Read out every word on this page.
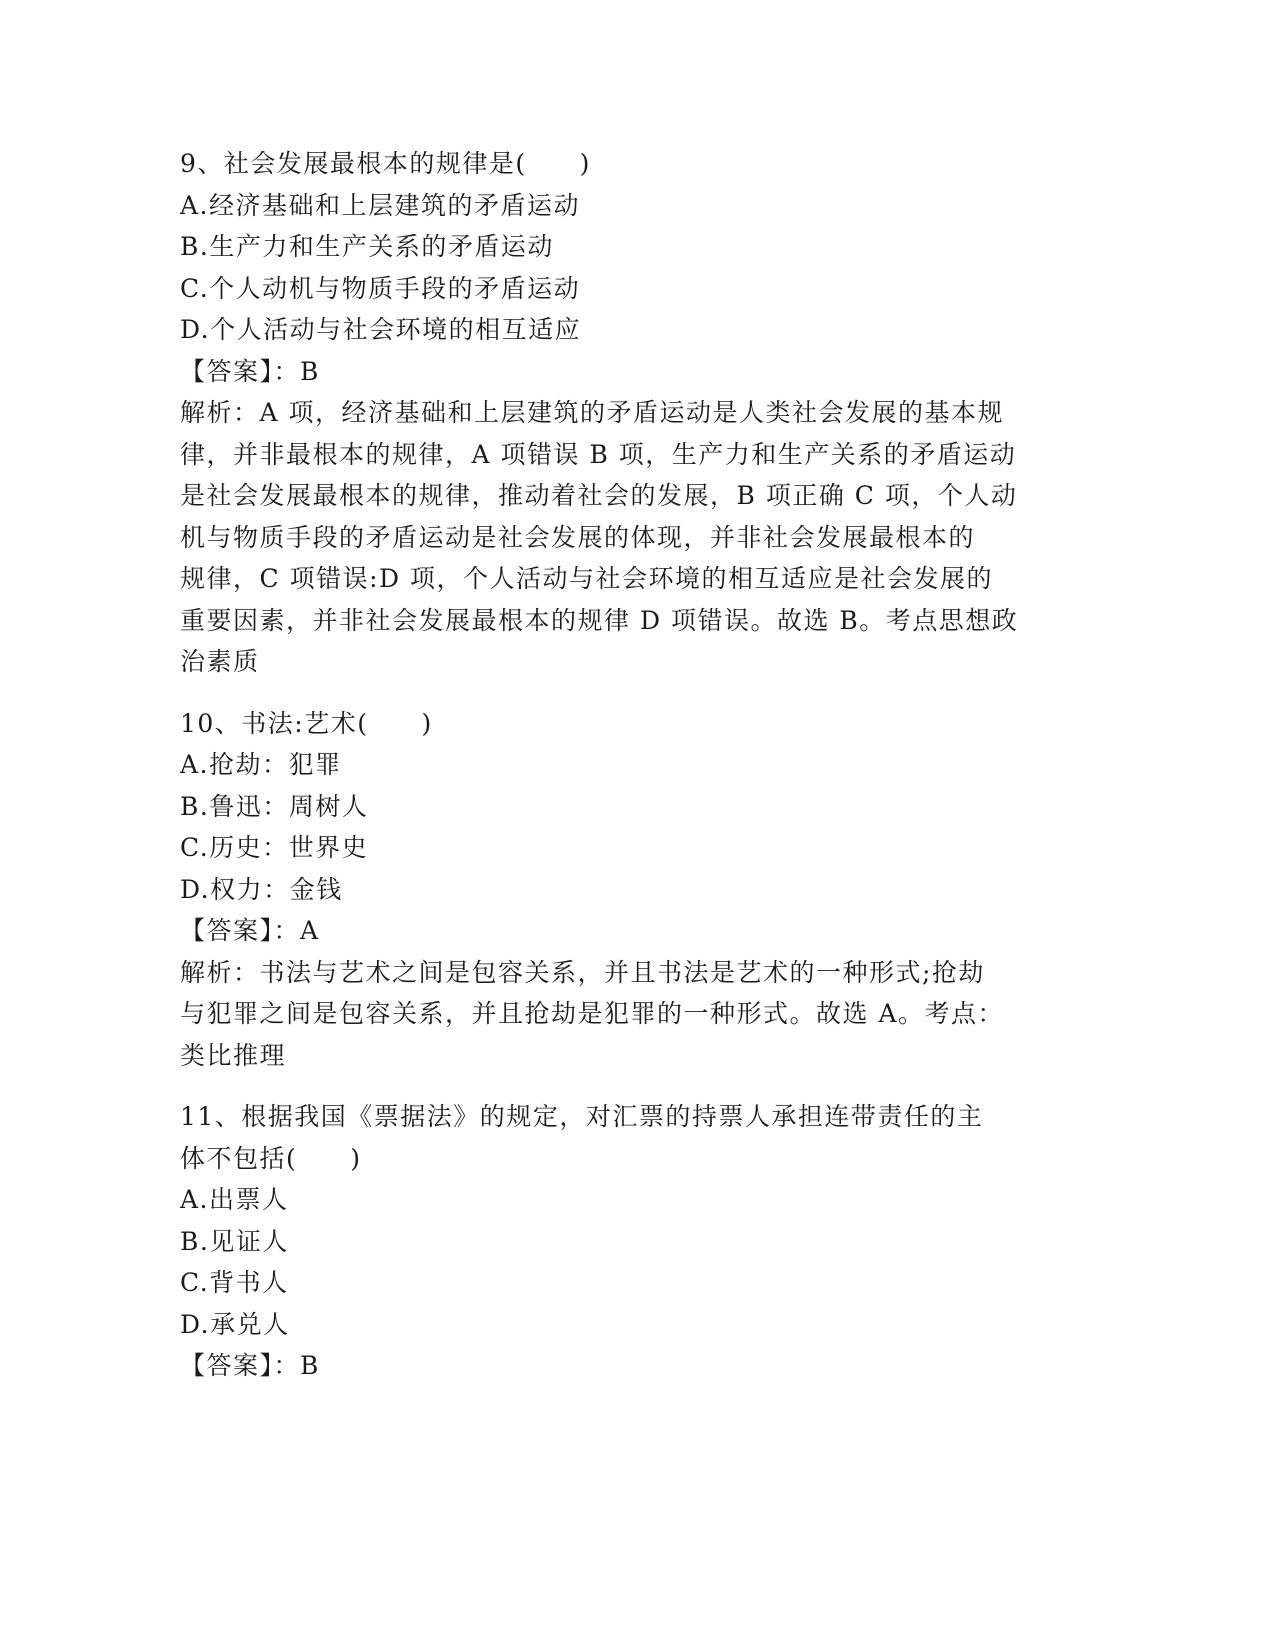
9、社会发展最根本的规律是(　　)
A.经济基础和上层建筑的矛盾运动
B.生产力和生产关系的矛盾运动
C.个人动机与物质手段的矛盾运动
D.个人活动与社会环境的相互适应
【答案】：B
解析：A 项，经济基础和上层建筑的矛盾运动是人类社会发展的基本规
律，并非最根本的规律，A 项错误 B 项，生产力和生产关系的矛盾运动
是社会发展最根本的规律，推动着社会的发展，B 项正确 C 项，个人动
机与物质手段的矛盾运动是社会发展的体现，并非社会发展最根本的
规律，C 项错误:D 项，个人活动与社会环境的相互适应是社会发展的
重要因素，并非社会发展最根本的规律 D 项错误。故选 B。考点思想政
治素质
10、书法:艺术(　　)
A.抢劫：犯罪
B.鲁迅：周树人
C.历史：世界史
D.权力：金钱
【答案】：A
解析：书法与艺术之间是包容关系，并且书法是艺术的一种形式;抢劫
与犯罪之间是包容关系，并且抢劫是犯罪的一种形式。故选 A。考点：
类比推理
11、根据我国《票据法》的规定，对汇票的持票人承担连带责任的主
体不包括(　　)
A.出票人
B.见证人
C.背书人
D.承兑人
【答案】：B
